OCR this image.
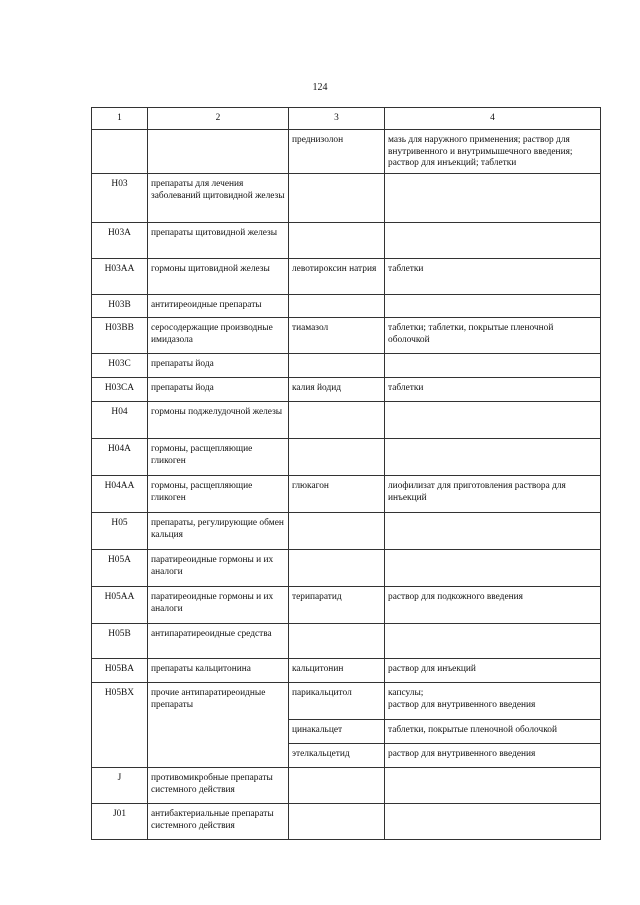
124
1	2	3	4
		преднизолон	мазь для наружного применения; раствор для внутривенного и внутримышечного введения; раствор для инъекций; таблетки
H03	препараты для лечения заболеваний щитовидной железы		
H03A	препараты щитовидной железы		
H03AA	гормоны щитовидной железы	левотироксин натрия	таблетки
H03B	антитиреоидные препараты		
H03BB	серосодержащие производные имидазола	тиамазол	таблетки; таблетки, покрытые пленочной оболочкой
H03C	препараты йода		
H03CA	препараты йода	калия йодид	таблетки
H04	гормоны поджелудочной железы		
H04A	гормоны, расщепляющие гликоген		
H04AA	гормоны, расщепляющие гликоген	глюкагон	лиофилизат для приготовления раствора для инъекций
H05	препараты, регулирующие обмен кальция		
H05A	паратиреоидные гормоны и их аналоги		
H05AA	паратиреоидные гормоны и их аналоги	терипаратид	раствор для подкожного введения
H05B	антипаратиреоидные средства		
H05BA	препараты кальцитонина	кальцитонин	раствор для инъекций
H05BX	прочие антипаратиреоидные препараты	парикальцитол	капсулы;
раствор для внутривенного введения

		цинакальцет	таблетки, покрытые пленочной оболочкой
		этелкальцетид	раствор для внутривенного введения
J	противомикробные препараты системного действия		
J01	антибактериальные препараты системного действия		
